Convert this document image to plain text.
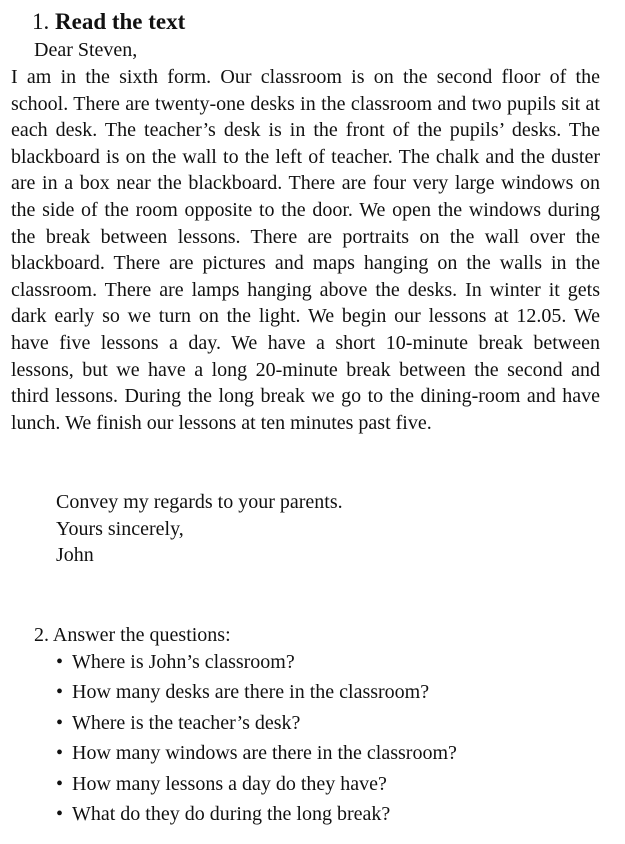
1. Read the text
Dear Steven,
I am in the sixth form. Our classroom is on the second floor of the school. There are twenty-one desks in the classroom and two pupils sit at each desk. The teacher’s desk is in the front of the pupils’ desks. The blackboard is on the wall to the left of teacher. The chalk and the duster are in a box near the blackboard. There are four very large windows on the side of the room opposite to the door. We open the windows during the break between lessons. There are portraits on the wall over the blackboard. There are pictures and maps hanging on the walls in the classroom. There are lamps hanging above the desks. In winter it gets dark early so we turn on the light. We begin our lessons at 12.05. We have five lessons a day. We have a short 10-minute break between lessons, but we have a long 20-minute break between the second and third lessons. During the long break we go to the dining-room and have lunch. We finish our lessons at ten minutes past five.
Convey my regards to your parents.
Yours sincerely,
John
2. Answer the questions:
• Where is John’s classroom?
• How many desks are there in the classroom?
• Where is the teacher’s desk?
• How many windows are there in the classroom?
• How many lessons a day do they have?
• What do they do during the long break?
